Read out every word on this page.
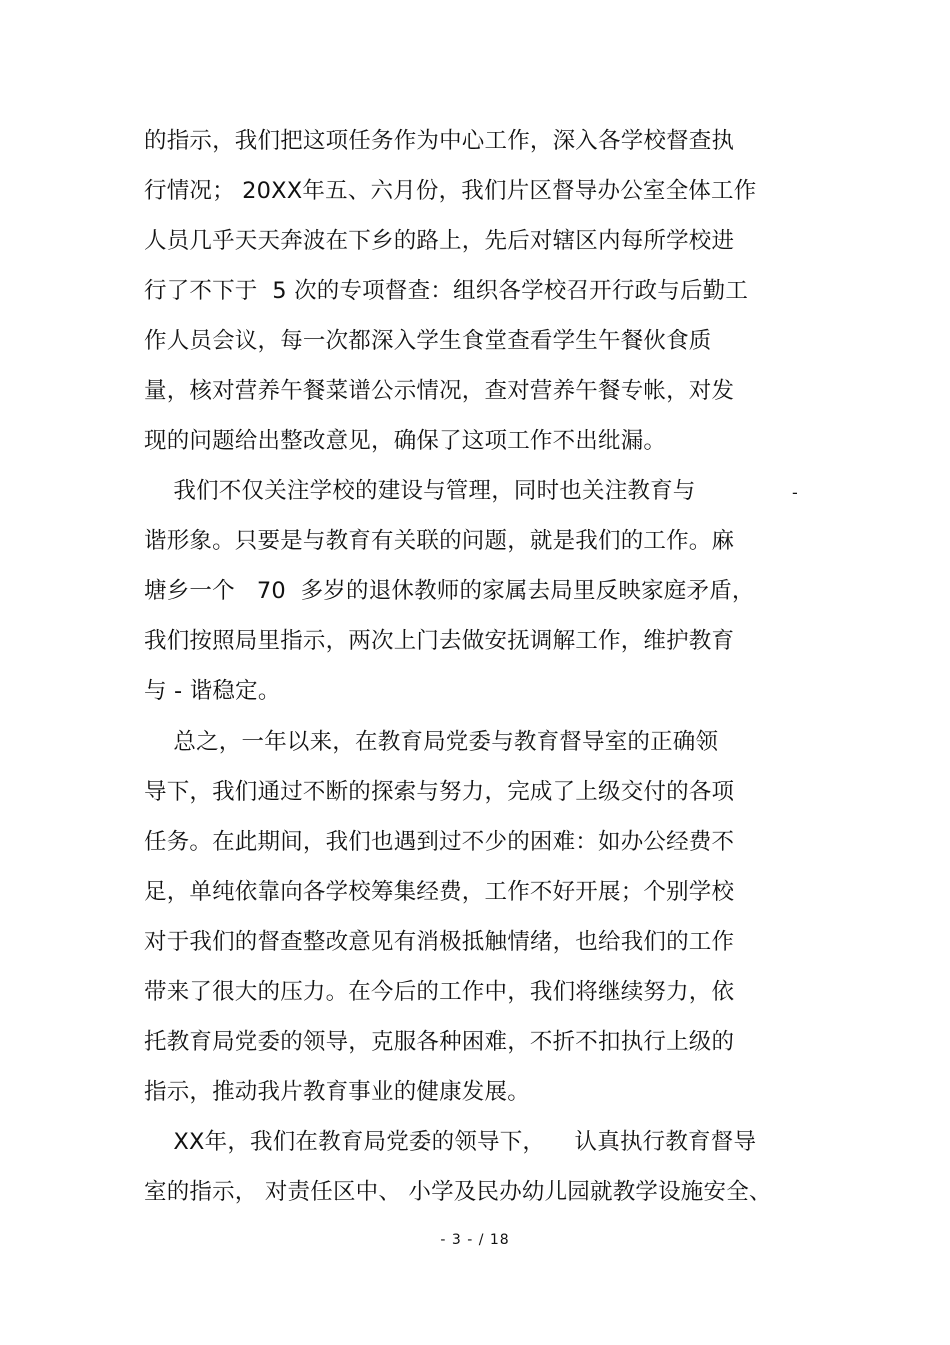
的指示，我们把这项任务作为中心工作，深入各学校督查执
行情况； 20XX年五、六月份，我们片区督导办公室全体工作
人员几乎天天奔波在下乡的路上，先后对辖区内每所学校进
行了不下于  5 次的专项督查：组织各学校召开行政与后勤工
作人员会议，每一次都深入学生食堂查看学生午餐伙食质
量，核对营养午餐菜谱公示情况，查对营养午餐专帐，对发
现的问题给出整改意见，确保了这项工作不出纰漏。
我们不仅关注学校的建设与管理，同时也关注教育与
谐形象。只要是与教育有关联的问题，就是我们的工作。麻
塘乡一个   70  多岁的退休教师的家属去局里反映家庭矛盾，
我们按照局里指示，两次上门去做安抚调解工作，维护教育
与 - 谐稳定。
总之，一年以来，在教育局党委与教育督导室的正确领
导下，我们通过不断的探索与努力，完成了上级交付的各项
任务。在此期间，我们也遇到过不少的困难：如办公经费不
足，单纯依靠向各学校筹集经费，工作不好开展；个别学校
对于我们的督查整改意见有消极抵触情绪，也给我们的工作
带来了很大的压力。在今后的工作中，我们将继续努力，依
托教育局党委的领导，克服各种困难，不折不扣执行上级的
指示，推动我片教育事业的健康发展。
XX年，我们在教育局党委的领导下，    认真执行教育督导
室的指示， 对责任区中、 小学及民办幼儿园就教学设施安全、
-
- 3 - / 18
